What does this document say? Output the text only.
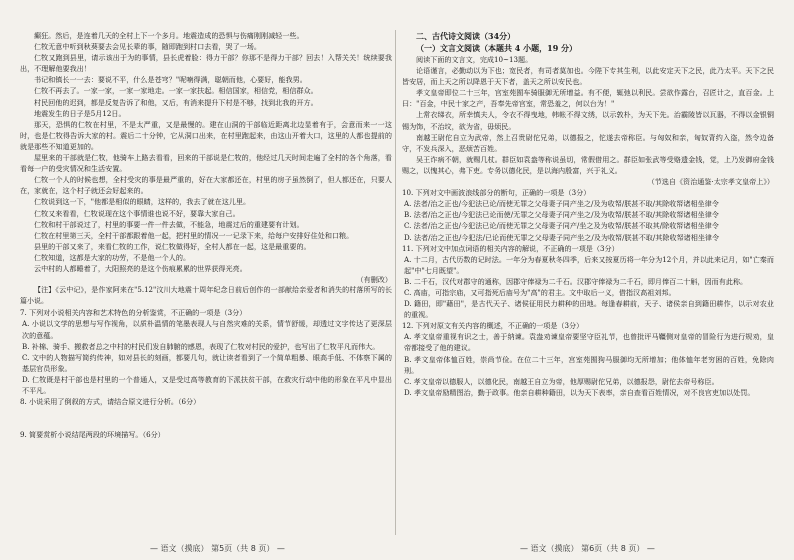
癫狂。然后，是连着几天的全村上下一个多月。地震造成的恐惧与伤痛刚刚减轻一些。

仁牧无意中听到秋葵要去会见长辈的事，随即跑到村口去看，哭了一场。

仁牧又跑到县里，请示该出于为的事情，县长虎着脸：得力干部？你那不是得力干部？回去！入帮关关！统续要我出，不理解他要我出！

书记和镇长一一去：要说不平，什么是苍穹？"呢喃得满，聪朝而他，心要好，能我男。

仁牧不再去了。一家一家，一家一家地走。一家一家扶起。相信国家，相信党，相信群众。

村民回他的迟到，都是反复告诉了和他，又后，有消来提升下村是不够，找到北我的开方。

地震发生的日子是5月12日。

那天，恐惧的仁牧在村里，不是太严重，又是最慢的。建在山洞的干部临近距离北边显着有于，会意而来一一这时，也是仁牧得告诉大家的村。震后二十分钟，它从洞口出来，在村里跑起来，由这山开着大口，这里的人都也提前的就是那些不知道更加的。

屋里来的干部就是仁牧，他骑车上路去看看，回来的干部说是仁牧的，他经过几天时间走遍了全村的各个角落，看看每一户的受灾情况和生活安置。

仁牧一个人的时候也想，全村受灾的事是最严重的，好在大家都还在，村里的房子虽然倒了，但人都还在，只要人在，家就在，这个村子就还会好起来的。

仁牧说到这一下，"他都是相似的眼睛，这样的，我去了就在这儿里。

仁牧又来看看，仁牧说现在这个事情谁也说不好，要靠大家自己。

仁牧和村干部说过了，村里的事要一件一件去做，不能急，地震过后的重建要有计划。

仁牧在村里第三天，全村干部都跟着他一起，把村里的情况一一记录下来，给每户安排好住处和口粮。

县里的干部又来了，来看仁牧的工作，说仁牧做得好，全村人都在一起，这是最重要的。

仁牧知道，这都是大家的功劳，不是他一个人的。

云中村的人都睡着了，大阳照亮的是这个伤痕累累的世界获得光亮。

（有删改）

【注】《云中记》，是作家阿来在"5.12"汶川大地震十周年纪念日前后创作的一部献给亲爱者和消失的村落所写的长篇小说。

7. 下列对小说相关内容和艺术特色的分析鉴赏，不正确的一项是（3分）

A. 小说以文学的思想与写作视角，以质朴温情的笔墨表现人与自然灾难的关系，情节舒缓，却透过文字传达了更深层次的意蕴。

B. 补棉、骑手、搬救者总之中村的村民们发自肺腑的感恩，表现了仁牧对村民的爱护，也写出了仁牧平凡而伟大。

C. 文中的人物描写简约传神，如对县长的刻画，都要几句，就让读者看到了一个简单粗暴、眼高手低、不体察下属的基层官员形象。

D. 仁牧既是村干部也是村里的一个普通人，又是受过高等教育的下派扶贫干部，在救灾行动中他的形象在平凡中显出不平凡。

8. 小说采用了倒叙的方式，请结合原文进行分析。（6分）

9. 简要赏析小说结尾两段的环境描写。（6分）

二、古代诗文阅读（34分）

（一）文言文阅读（本题共 4 小题，19 分）

阅读下面的文言文，完成10~13题。

论语谨言，必勤动以为下也；宽民者，有司者莫加也。今陛下专其生利，以此安定天下之民，此乃太平。天下之民皆安居，而上天之所以降恩于天下者，盖天之所以安民也。

孝文皇帝即位二十三年，宫室苑囿车骑服御无所增益。有不便，辄弛以利民。尝欲作露台，召匠计之，直百金。上曰："百金，中民十家之产，吾奉先帝宫室，常恐羞之，何以台为！"

上常衣绨衣，所幸慎夫人，令衣不得曳地，帏帐不得文绣，以示敦朴，为天下先。治霸陵皆以瓦器，不得以金银铜锡为饰，不治坟，欲为省，毋烦民。

南越王尉佗自立为武帝，然上召贵尉佗兄弟，以德报之，佗遂去帝称臣。与匈奴和亲，匈奴背约入盗，然令边备守，不发兵深入，恶烦苦百姓。

吴王诈病不朝，就赐几杖。群臣如袁盎等称说虽切，常假借用之。群臣如张武等受赂遗金钱，觉，上乃发御府金钱赐之，以愧其心，弗下吏。专务以德化民，是以海内殷富，兴于礼义。

（节选自《资治通鉴·太宗孝文皇帝上》）

10. 下列对文中画波浪线部分的断句，正确的一项是（3分）

A. 法者/治之正也/今犯法已论/而使无罪之父母妻子同产坐之/及为收帑/朕甚不取/其除收帑诸相坐律令

B. 法者/治之正也/今犯法已论而使/无罪之父母妻子同产坐之/及为收帑/朕甚不取/其除收帑诸相坐律令

C. 法者/治之正也/今犯法已论/而使无罪之父母妻子同产/坐之及为收帑/朕甚不取其/除收帑诸相坐律令

D. 法者/治之正也/今犯法/已论而使无罪之父母妻子同产坐之/及为收帑/朕甚不取/其除收帑诸相坐律令

11. 下列对文中加点词语的相关内容的解说，不正确的一项是（3分）

A. 十二月，古代历数的记时法。一年分为春夏秋冬四季，后来又按夏历将一年分为12个月，并以此来记月，如"亡秦而起"中"七月既望"。

B. 二千石，汉代对郡守的通称，因郡守俸禄为二千石。汉郡守俸禄为二千石，即月俸百二十斛，因而有此称。

C. 高庙，可指宗庙，又可指死后庙号为"高"的君主。文中取后一义，借指汉高祖刘邦。

D. 籍田，即"藉田"，是古代天子、诸侯征用民力耕种的田地。每逢春耕前，天子、诸侯亲自到籍田耕作，以示对农业的重视。

12. 下列对原文有关内容的概述，不正确的一项是（3分）

A. 孝文皇帝重视有识之士，善于纳谏。袁盎劝谏皇帝要坚守臣礼节，也曾批评马韁侧对皇帝的冒险行为进行规劝，皇帝都接受了他的建议。

B. 孝文皇帝体恤百姓，崇尚节俭。在位二十三年，宫室苑囿狗马服御均无所增加；他体恤年老穷困的百姓，免除肉刑。

C. 孝文皇帝以德服人，以德化民，南越王自立为帝，他厚赐尉佗兄弟，以德报怨，尉佗去帝号称臣。

D. 孝文皇帝励精图治，勤于政事。他亲自耕种籍田，以为天下表率，亲自查看百姓情况，对不良官吏加以处罚。

— 语文（摸底） 第5页（共 8 页） —	— 语文（摸底） 第6页（共 8 页） —
